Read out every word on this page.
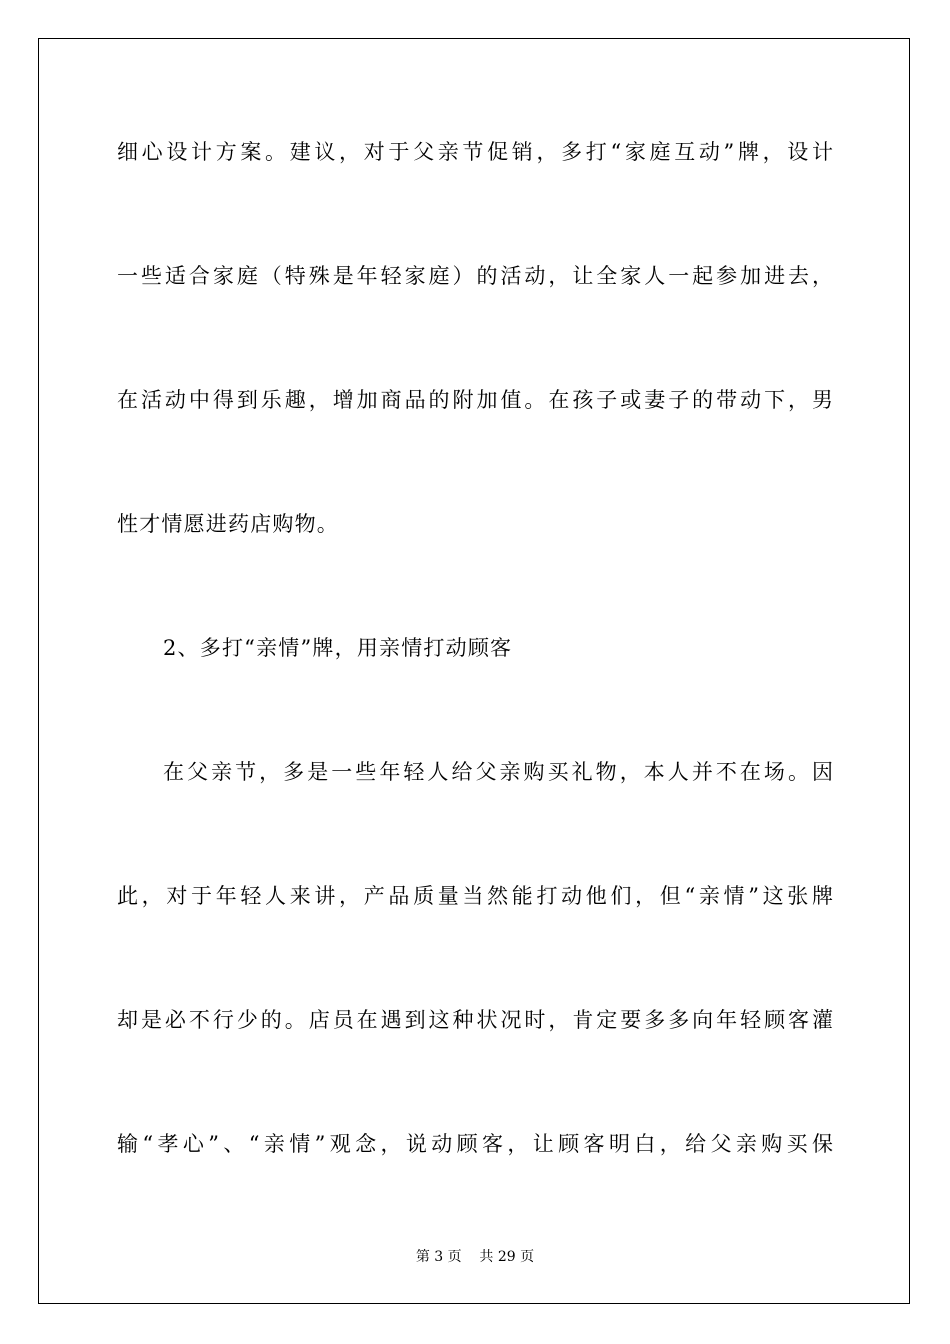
细心设计方案。建议，对于父亲节促销，多打“家庭互动”牌，设计
一些适合家庭（特殊是年轻家庭）的活动，让全家人一起参加进去，
在活动中得到乐趣，增加商品的附加值。在孩子或妻子的带动下，男
性才情愿进药店购物。
2、多打“亲情”牌，用亲情打动顾客
在父亲节，多是一些年轻人给父亲购买礼物，本人并不在场。因
此，对于年轻人来讲，产品质量当然能打动他们，但“亲情”这张牌
却是必不行少的。店员在遇到这种状况时，肯定要多多向年轻顾客灌
输“孝心”、“亲情”观念，说动顾客，让顾客明白，给父亲购买保
第 3 页    共 29 页
